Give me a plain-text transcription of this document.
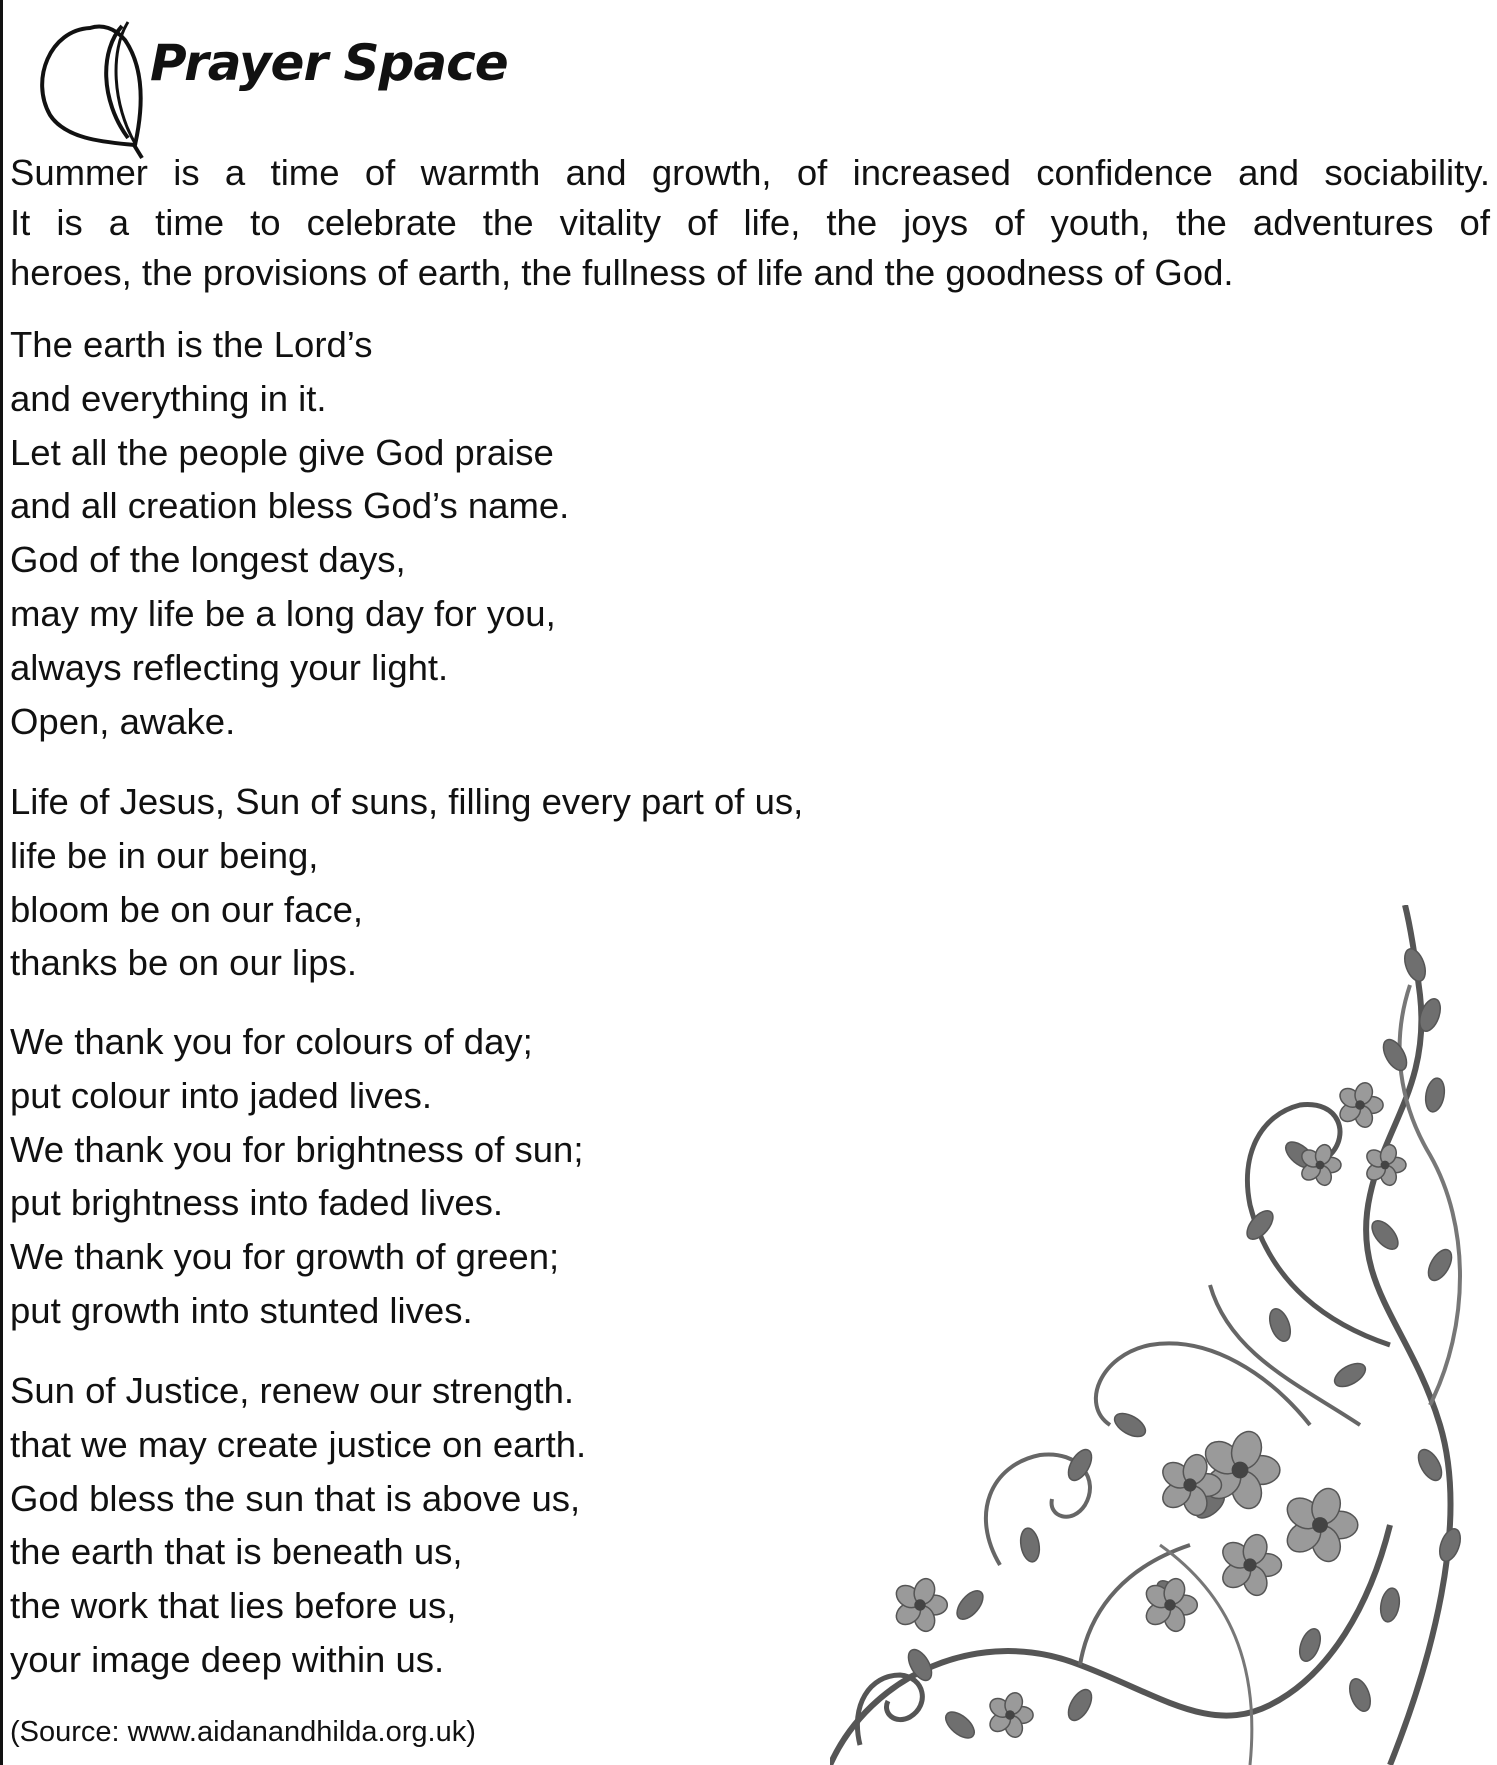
Prayer Space

Summer is a time of warmth and growth, of increased confidence and sociability.
It is a time to celebrate the vitality of life, the joys of youth, the adventures of
heroes, the provisions of earth, the fullness of life and the goodness of God.

The earth is the Lord’s
and everything in it.
Let all the people give God praise
and all creation bless God’s name.
God of the longest days,
may my life be a long day for you,
always reflecting your light.
Open, awake.

Life of Jesus, Sun of suns, filling every part of us,
life be in our being,
bloom be on our face,
thanks be on our lips.

We thank you for colours of day;
put colour into jaded lives.
We thank you for brightness of sun;
put brightness into faded lives.
We thank you for growth of green;
put growth into stunted lives.

Sun of Justice, renew our strength.
that we may create justice on earth.
God bless the sun that is above us,
the earth that is beneath us,
the work that lies before us,
your image deep within us.

(Source: www.aidanandhilda.org.uk)
